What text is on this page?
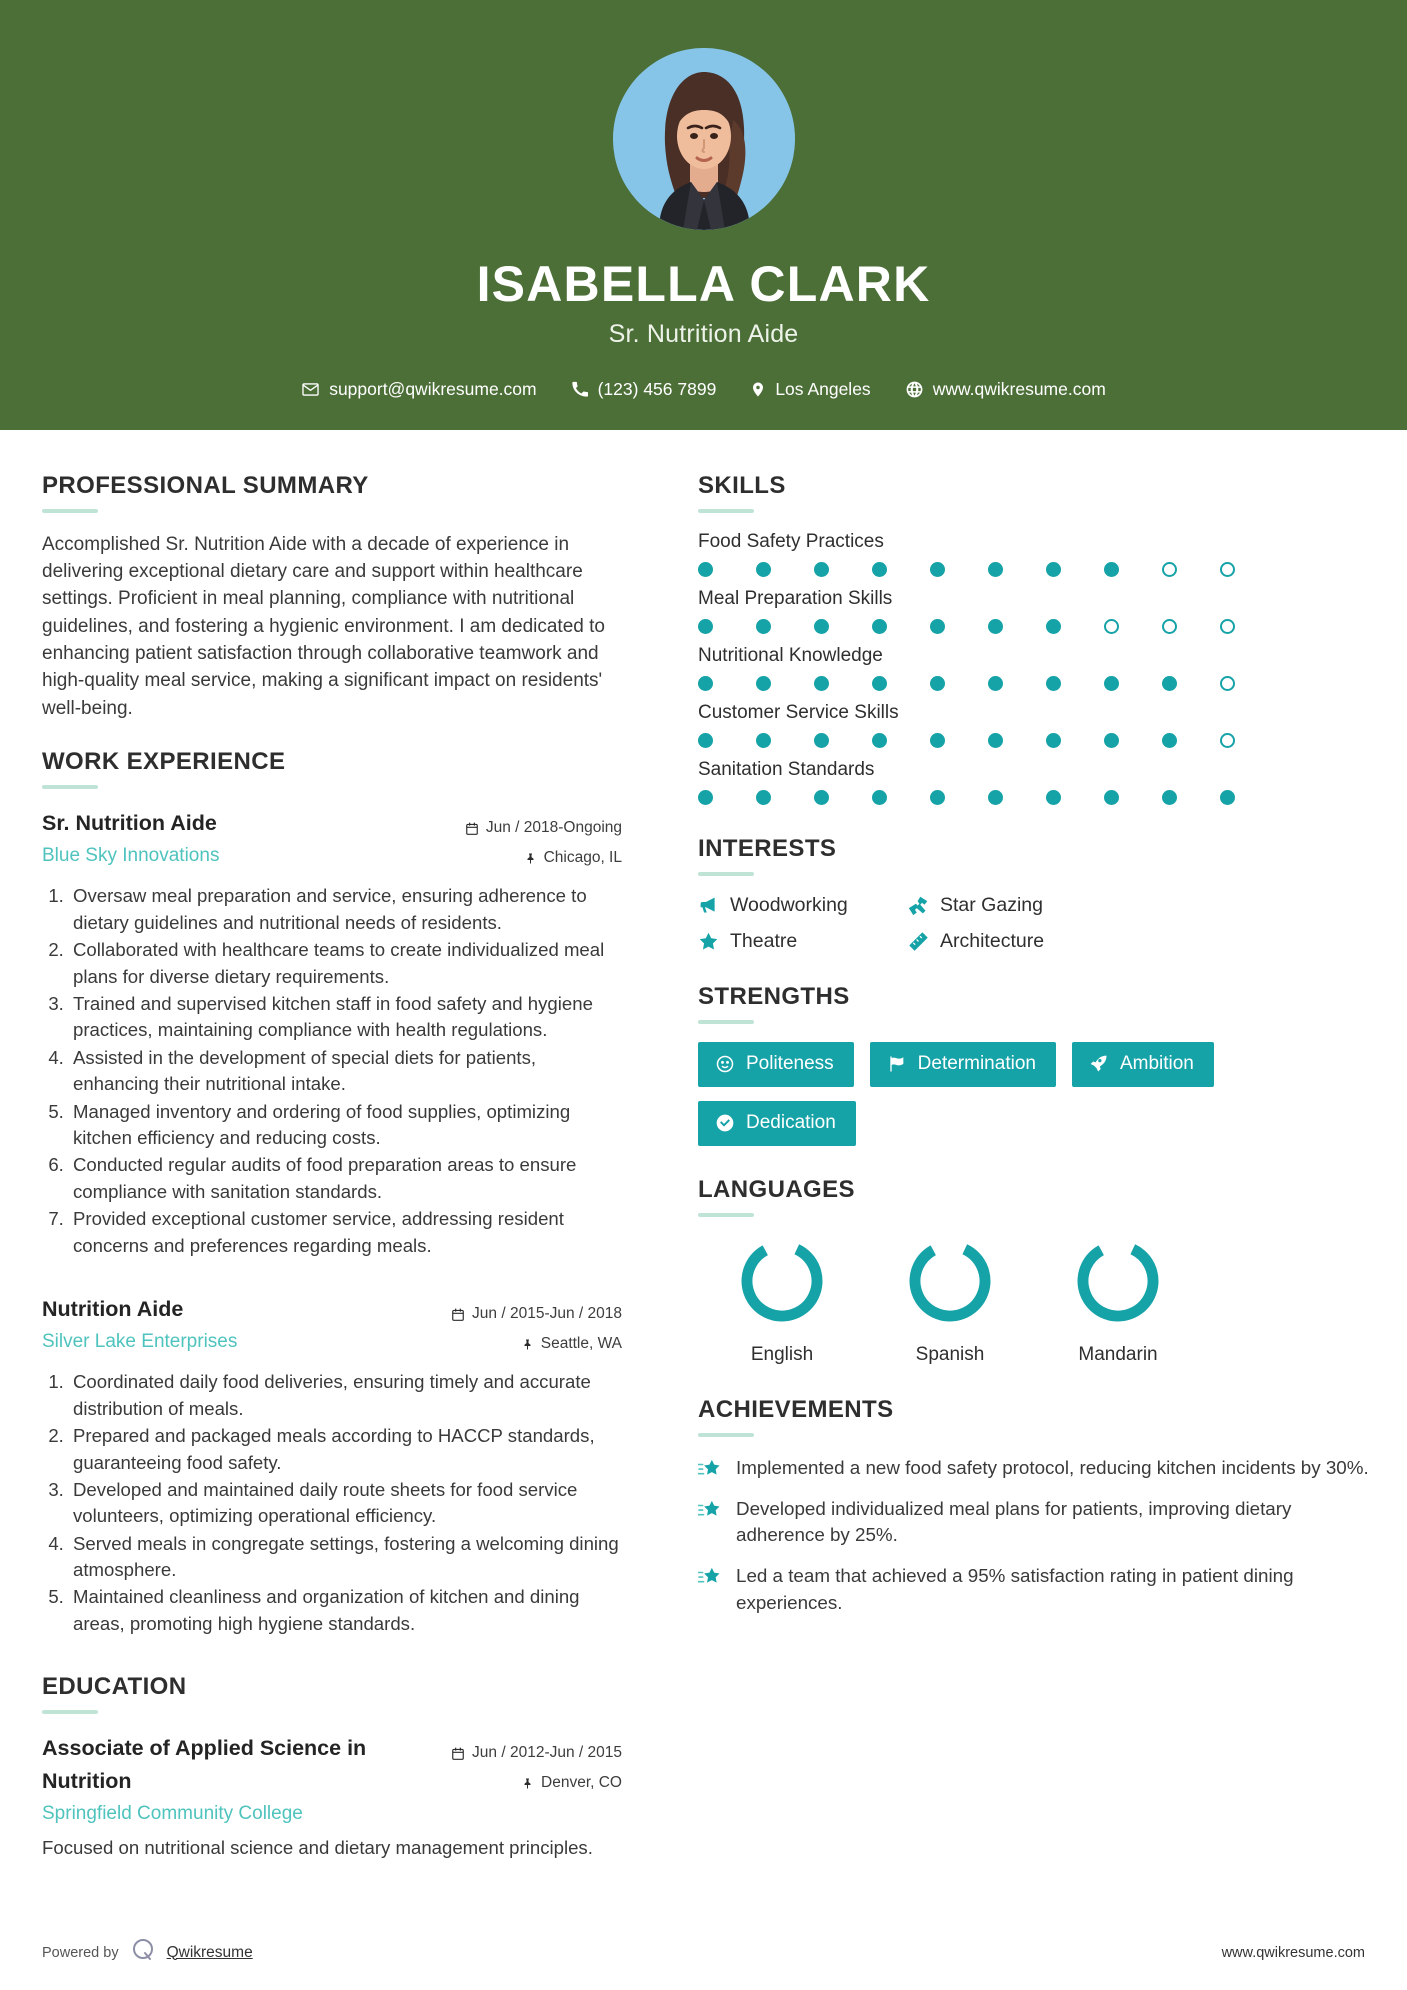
ISABELLA CLARK
Sr. Nutrition Aide
support@qwikresume.com	(123) 456 7899	Los Angeles	www.qwikresume.com
PROFESSIONAL SUMMARY
Accomplished Sr. Nutrition Aide with a decade of experience in delivering exceptional dietary care and support within healthcare settings. Proficient in meal planning, compliance with nutritional guidelines, and fostering a hygienic environment. I am dedicated to enhancing patient satisfaction through collaborative teamwork and high-quality meal service, making a significant impact on residents' well-being.
WORK EXPERIENCE
Sr. Nutrition Aide
Blue Sky Innovations
Jun / 2018-Ongoing
Chicago, IL
1. Oversaw meal preparation and service, ensuring adherence to dietary guidelines and nutritional needs of residents.
2. Collaborated with healthcare teams to create individualized meal plans for diverse dietary requirements.
3. Trained and supervised kitchen staff in food safety and hygiene practices, maintaining compliance with health regulations.
4. Assisted in the development of special diets for patients, enhancing their nutritional intake.
5. Managed inventory and ordering of food supplies, optimizing kitchen efficiency and reducing costs.
6. Conducted regular audits of food preparation areas to ensure compliance with sanitation standards.
7. Provided exceptional customer service, addressing resident concerns and preferences regarding meals.
Nutrition Aide
Silver Lake Enterprises
Jun / 2015-Jun / 2018
Seattle, WA
1. Coordinated daily food deliveries, ensuring timely and accurate distribution of meals.
2. Prepared and packaged meals according to HACCP standards, guaranteeing food safety.
3. Developed and maintained daily route sheets for food service volunteers, optimizing operational efficiency.
4. Served meals in congregate settings, fostering a welcoming dining atmosphere.
5. Maintained cleanliness and organization of kitchen and dining areas, promoting high hygiene standards.
EDUCATION
Associate of Applied Science in Nutrition
Springfield Community College
Jun / 2012-Jun / 2015
Denver, CO
Focused on nutritional science and dietary management principles.
SKILLS
Food Safety Practices
Meal Preparation Skills
Nutritional Knowledge
Customer Service Skills
Sanitation Standards
INTERESTS
Woodworking	Star Gazing
Theatre	Architecture
STRENGTHS
Politeness	Determination	Ambition
Dedication
LANGUAGES
English	Spanish	Mandarin
ACHIEVEMENTS
Implemented a new food safety protocol, reducing kitchen incidents by 30%.
Developed individualized meal plans for patients, improving dietary adherence by 25%.
Led a team that achieved a 95% satisfaction rating in patient dining experiences.
Powered by	Qwikresume	www.qwikresume.com
